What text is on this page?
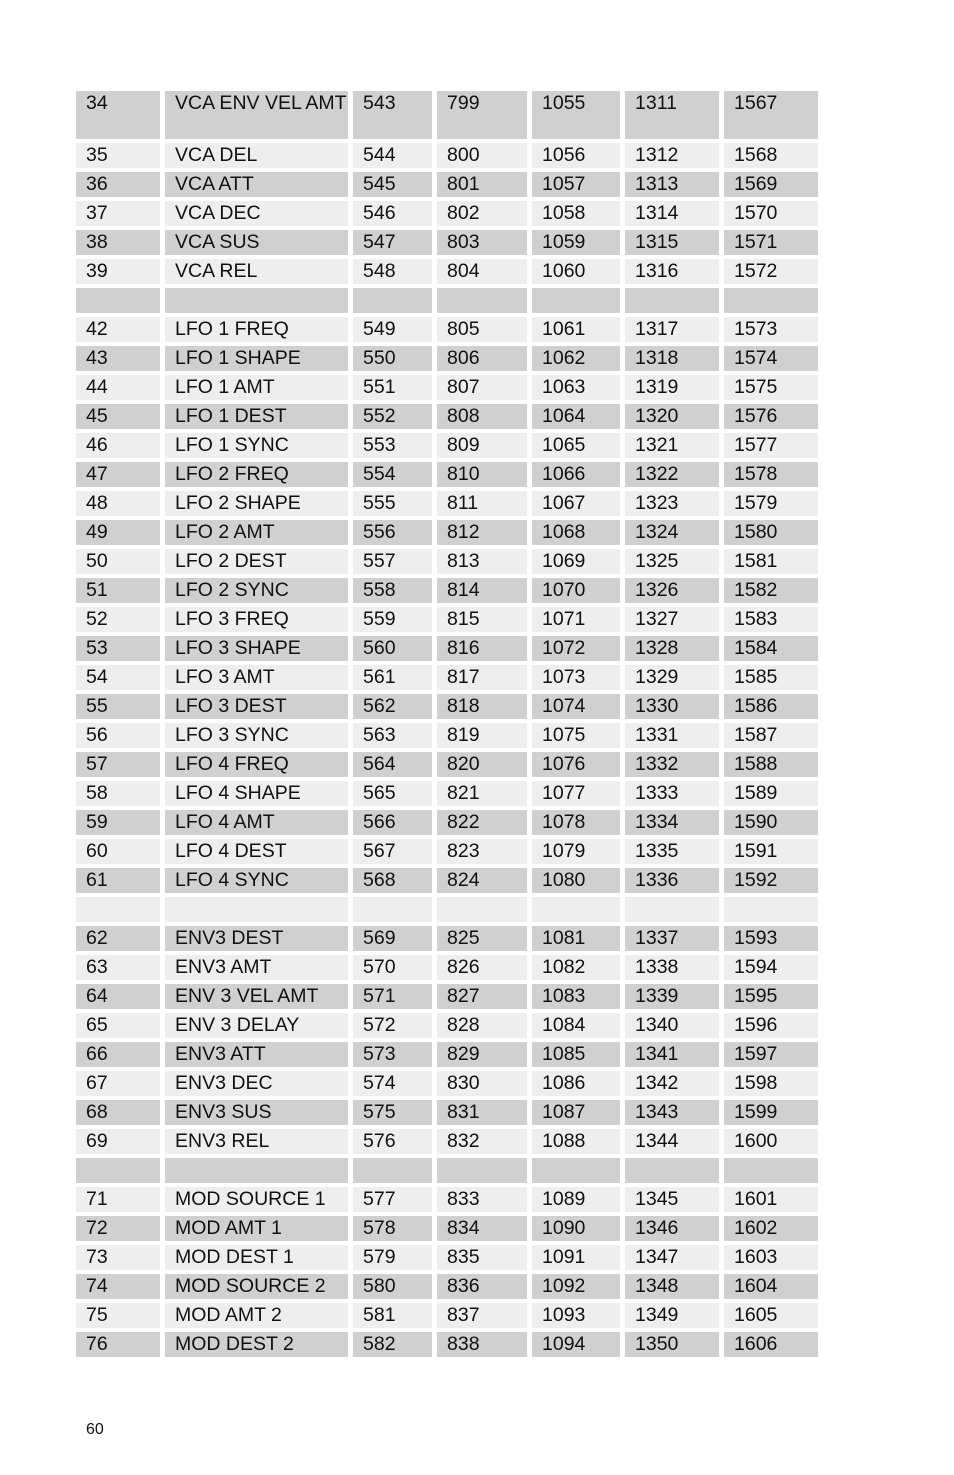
34	VCA ENV VEL AMT 543	799	1055	1311	1567
35	VCA DEL	544	800	1056	1312	1568
36	VCA ATT	545	801	1057	1313	1569
37	VCA DEC	546	802	1058	1314	1570
38	VCA SUS	547	803	1059	1315	1571
39	VCA REL	548	804	1060	1316	1572
42	LFO 1 FREQ	549	805	1061	1317	1573
43	LFO 1 SHAPE	550	806	1062	1318	1574
44	LFO 1 AMT	551	807	1063	1319	1575
45	LFO 1 DEST	552	808	1064	1320	1576
46	LFO 1 SYNC	553	809	1065	1321	1577
47	LFO 2 FREQ	554	810	1066	1322	1578
48	LFO 2 SHAPE	555	811	1067	1323	1579
49	LFO 2 AMT	556	812	1068	1324	1580
50	LFO 2 DEST	557	813	1069	1325	1581
51	LFO 2 SYNC	558	814	1070	1326	1582
52	LFO 3 FREQ	559	815	1071	1327	1583
53	LFO 3 SHAPE	560	816	1072	1328	1584
54	LFO 3 AMT	561	817	1073	1329	1585
55	LFO 3 DEST	562	818	1074	1330	1586
56	LFO 3 SYNC	563	819	1075	1331	1587
57	LFO 4 FREQ	564	820	1076	1332	1588
58	LFO 4 SHAPE	565	821	1077	1333	1589
59	LFO 4 AMT	566	822	1078	1334	1590
60	LFO 4 DEST	567	823	1079	1335	1591
61	LFO 4 SYNC	568	824	1080	1336	1592
62	ENV3 DEST	569	825	1081	1337	1593
63	ENV3 AMT	570	826	1082	1338	1594
64	ENV 3 VEL AMT	571	827	1083	1339	1595
65	ENV 3 DELAY	572	828	1084	1340	1596
66	ENV3 ATT	573	829	1085	1341	1597
67	ENV3 DEC	574	830	1086	1342	1598
68	ENV3 SUS	575	831	1087	1343	1599
69	ENV3 REL	576	832	1088	1344	1600
71	MOD SOURCE 1	577	833	1089	1345	1601
72	MOD AMT 1	578	834	1090	1346	1602
73	MOD DEST 1	579	835	1091	1347	1603
74	MOD SOURCE 2	580	836	1092	1348	1604
75	MOD AMT 2	581	837	1093	1349	1605
76	MOD DEST 2	582	838	1094	1350	1606
60
